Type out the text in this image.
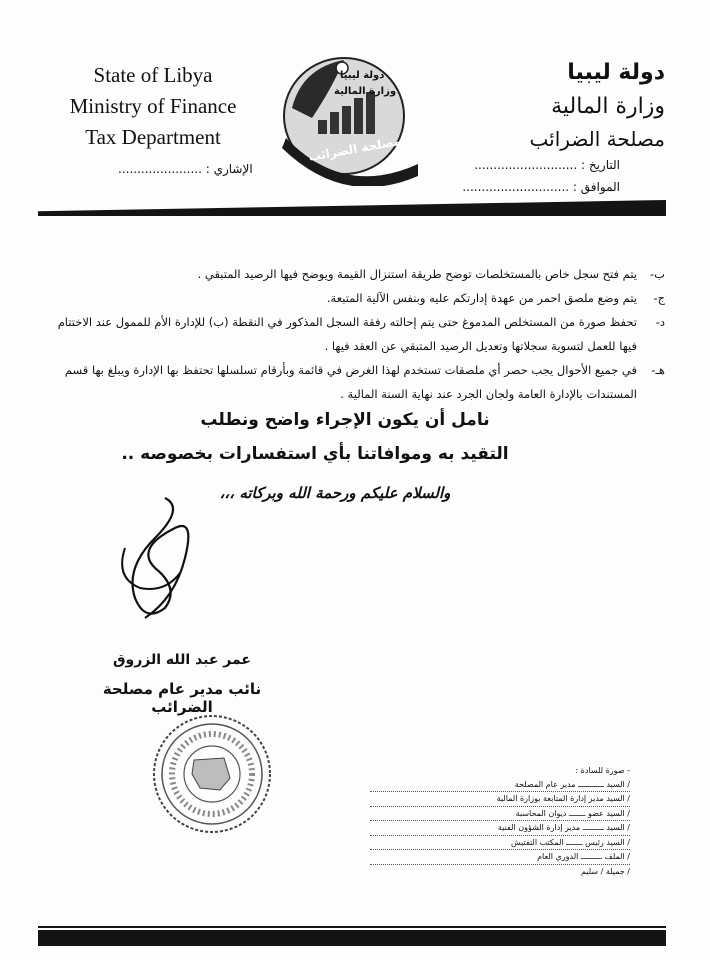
State of Libya
Ministry of Finance
Tax Department
دولة ليبيا
وزارة المالية
مصلحة الضرائب
دولة ليبيا
وزارة المالية
مصلحة الضرائب
الإشاري : ......................	التاريخ : ...........................
الموافق : ............................
ب-
يتم فتح سجل خاص بالمستخلصات توضح طريقة استنزال القيمة ويوضح فيها الرصيد المتبقي .
ج-
يتم وضع ملصق احمر من عهدة إدارتكم عليه وبنفس الآلية المتبعة.
د-
تحفظ صورة من المستخلص المدموغ حتى يتم إحالته رفقة السجل المذكور في النقطة (ب) للإدارة الأم للممول عند الاختتام فيها للعمل لتسوية سجلاتها وتعديل الرصيد المتبقي عن العقد فيها .
هـ-
في جميع الأحوال يجب حصر أي ملصقات تستخدم لهذا الغرض في قائمة وبأرقام تسلسلها تحتفظ بها الإدارة ويبلغ بها قسم المستندات بالإدارة العامة ولجان الجرد عند نهاية السنة المالية .
نامل أن يكون الإجراء واضح ونطلب
التقيد به وموافاتنا بأي استفسارات بخصوصه ..
والسلام عليكم ورحمة الله وبركاته ،،،
عمر عبد الله الزروق
نائب مدير عام مصلحة الضرائب
- صورة للسادة :
/ السيد ـــــــــــ مدير عام المصلحة
/ السيد مدير إدارة المتابعة بوزارة المالية
/ السيد عضو ـــــــ ديوان المحاسبة
/ السيد ـــــــــ مدير إدارة الشؤون الفنية
/ السيد رئيس ـــــــ المكتب التفتيش
/ الملف ـــــــــ الدوري العام
/ جميلة / سليم
